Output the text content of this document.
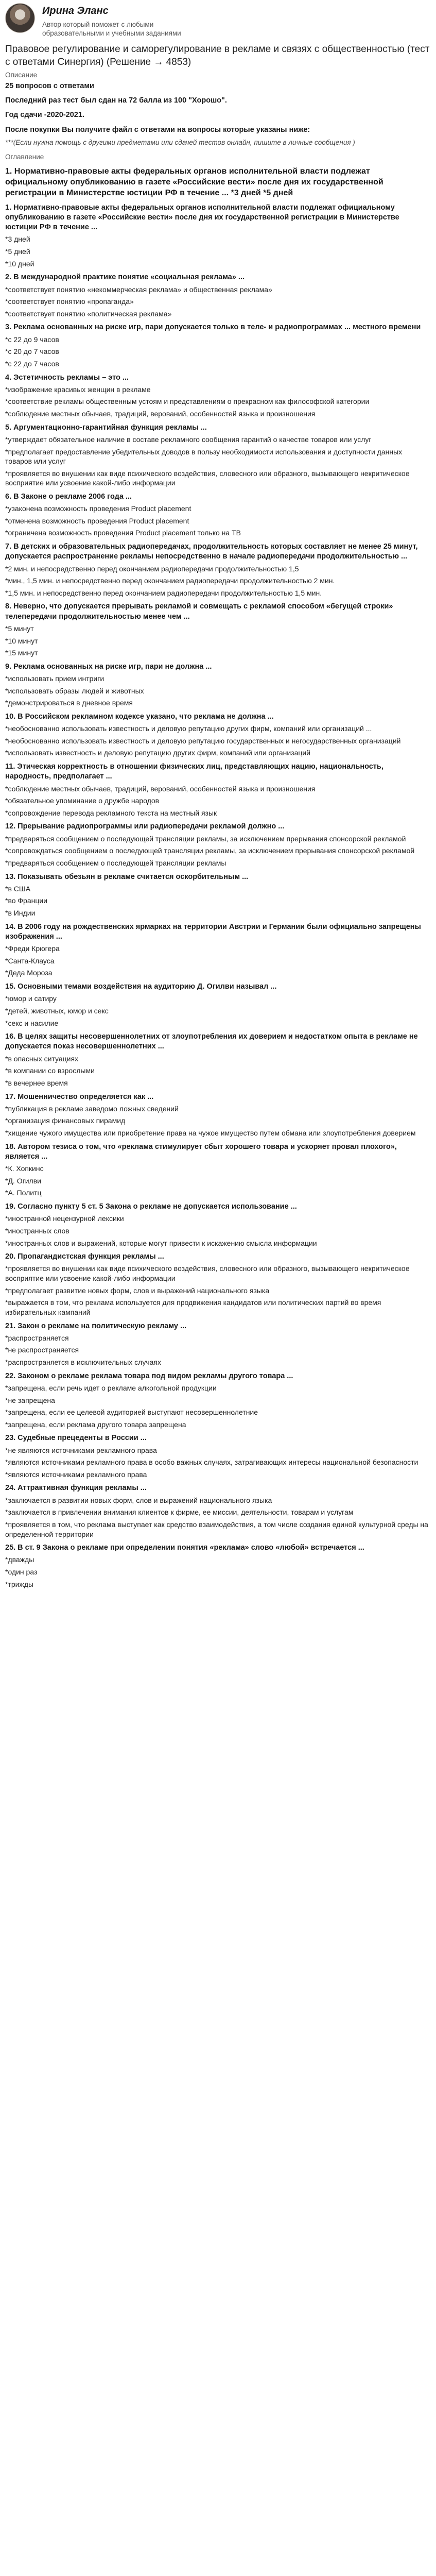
Ирина Эланс
Автор который поможет с любыми образовательными и учебными заданиями
Правовое регулирование и саморегулирование в рекламе и связях с общественностью (тест с ответами Синергия) (Решение → 4853)
Описание
25 вопросов с ответами
Последний раз тест был сдан на 72 балла из 100 "Хорошо".
Год сдачи -2020-2021.
После покупки Вы получите файл с ответами на вопросы которые указаны ниже:
***(Если нужна помощь с другими предметами или сдачей тестов онлайн, пишите в личные сообщения )
Оглавление
1. Нормативно-правовые акты федеральных органов исполнительной власти подлежат официальному опубликованию в газете «Российские вести» после дня их государственной регистрации в Министерстве юстиции РФ в течение ... *3 дней *5 дней
1. Нормативно-правовые акты федеральных органов исполнительной власти подлежат официальному опубликованию в газете «Российские вести» после дня их государственной регистрации в Министерстве юстиции РФ в течение ...
* 3 дней
* 5 дней
* 10 дней
2. В международной практике понятие «социальная реклама» ...
* соответствует понятию «некоммерческая реклама» и общественная реклама»
* соответствует понятию «пропаганда»
* соответствует понятию «политическая реклама»
3. Реклама основанных на риске игр, пари допускается только в теле- и радиопрограммах ... местного времени
* с 22 до 9 часов
* с 20 до 7 часов
* с 22 до 7 часов
4. Эстетичность рекламы – это ...
* изображение красивых женщин в рекламе
* соответствие рекламы общественным устоям и представлениям о прекрасном как философской категории
* соблюдение местных обычаев, традиций, верований, особенностей языка и произношения
5. Аргументационно-гарантийная функция рекламы ...
* утверждает обязательное наличие в составе рекламного сообщения гарантий о качестве товаров или услуг
* предполагает предоставление убедительных доводов в пользу необходимости использования и доступности данных товаров или услуг
* проявляется во внушении как виде психического воздействия, словесного или образного, вызывающего некритическое восприятие или усвоение какой-либо информации
6. В Законе о рекламе 2006 года ...
* узаконена возможность проведения Product placement
* отменена возможность проведения Product placement
* ограничена возможность проведения Product placement только на ТВ
7. В детских и образовательных радиопередачах, продолжительность которых составляет не менее 25 минут, допускается распространение рекламы непосредственно в начале радиопередачи продолжительностью ...
* 2 мин. и непосредственно перед окончанием радиопередачи продолжительностью 1,5
* мин., 1,5 мин. и непосредственно перед окончанием радиопередачи продолжительностью 2 мин.
* 1,5 мин. и непосредственно перед окончанием радиопередачи продолжительностью 1,5 мин.
8. Неверно, что допускается прерывать рекламой и совмещать с рекламой способом «бегущей строки» телепередачи продолжительностью менее чем ...
* 5 минут
* 10 минут
* 15 минут
9. Реклама основанных на риске игр, пари не должна ...
* использовать прием интриги
* использовать образы людей и животных
* демонстрироваться в дневное время
10. В Российском рекламном кодексе указано, что реклама не должна ...
* необоснованно использовать известность и деловую репутацию других фирм, компаний или организаций ...
* необоснованно использовать известность и деловую репутацию государственных и негосударственных организаций
* использовать известность и деловую репутацию других фирм, компаний или организаций
11. Этическая корректность в отношении физических лиц, представляющих нацию, национальность, народность, предполагает ...
* соблюдение местных обычаев, традиций, верований, особенностей языка и произношения
* обязательное упоминание о дружбе народов
* сопровождение перевода рекламного текста на местный язык
12. Прерывание радиопрограммы или радиопередачи рекламой должно ...
* предваряться сообщением о последующей трансляции рекламы, за исключением прерывания спонсорской рекламой
* сопровождаться сообщением о последующей трансляции рекламы, за исключением прерывания спонсорской рекламой
* предваряться сообщением о последующей трансляции рекламы
13. Показывать обезьян в рекламе считается оскорбительным ...
* в США
* во Франции
* в Индии
14. В 2006 году на рождественских ярмарках на территории Австрии и Германии были официально запрещены изображения ...
* Фреди Крюгера
* Санта-Клауса
* Деда Мороза
15. Основными темами воздействия на аудиторию Д. Огилви называл ...
* юмор и сатиру
* детей, животных, юмор и секс
* секс и насилие
16. В целях защиты несовершеннолетних от злоупотребления их доверием и недостатком опыта в рекламе не допускается показ несовершеннолетних ...
* в опасных ситуациях
* в компании со взрослыми
* в вечернее время
17. Мошенничество определяется как ...
* публикация в рекламе заведомо ложных сведений
* организация финансовых пирамид
* хищение чужого имущества или приобретение права на чужое имущество путем обмана или злоупотребления доверием
18. Автором тезиса о том, что «реклама стимулирует сбыт хорошего товара и ускоряет провал плохого», является ...
* К. Хопкинс
* Д. Огилви
* А. Политц
19. Согласно пункту 5 ст. 5 Закона о рекламе не допускается использование ...
* иностранной нецензурной лексики
* иностранных слов
* иностранных слов и выражений, которые могут привести к искажению смысла информации
20. Пропагандистская функция рекламы ...
* проявляется во внушении как виде психического воздействия, словесного или образного, вызывающего некритическое восприятие или усвоение какой-либо информации
* предполагает развитие новых форм, слов и выражений национального языка
* выражается в том, что реклама используется для продвижения кандидатов или политических партий во время избирательных кампаний
21. Закон о рекламе на политическую рекламу ...
* распространяется
* не распространяется
* распространяется в исключительных случаях
22. Законом о рекламе реклама товара под видом рекламы другого товара ...
* запрещена, если речь идет о рекламе алкогольной продукции
* не запрещена
* запрещена, если ее целевой аудиторией выступают несовершеннолетние
* запрещена, если реклама другого товара запрещена
23. Судебные прецеденты в России ...
* не являются источниками рекламного права
* являются источниками рекламного права в особо важных случаях, затрагивающих интересы национальной безопасности
* являются источниками рекламного права
24. Аттрактивная функция рекламы ...
* заключается в развитии новых форм, слов и выражений национального языка
* заключается в привлечении внимания клиентов к фирме, ее миссии, деятельности, товарам и услугам
* проявляется в том, что реклама выступает как средство взаимодействия, а том числе создания единой культурной среды на определенной территории
25. В ст. 9 Закона о рекламе при определении понятия «реклама» слово «любой» встречается ...
* дважды
* один раз
* трижды
